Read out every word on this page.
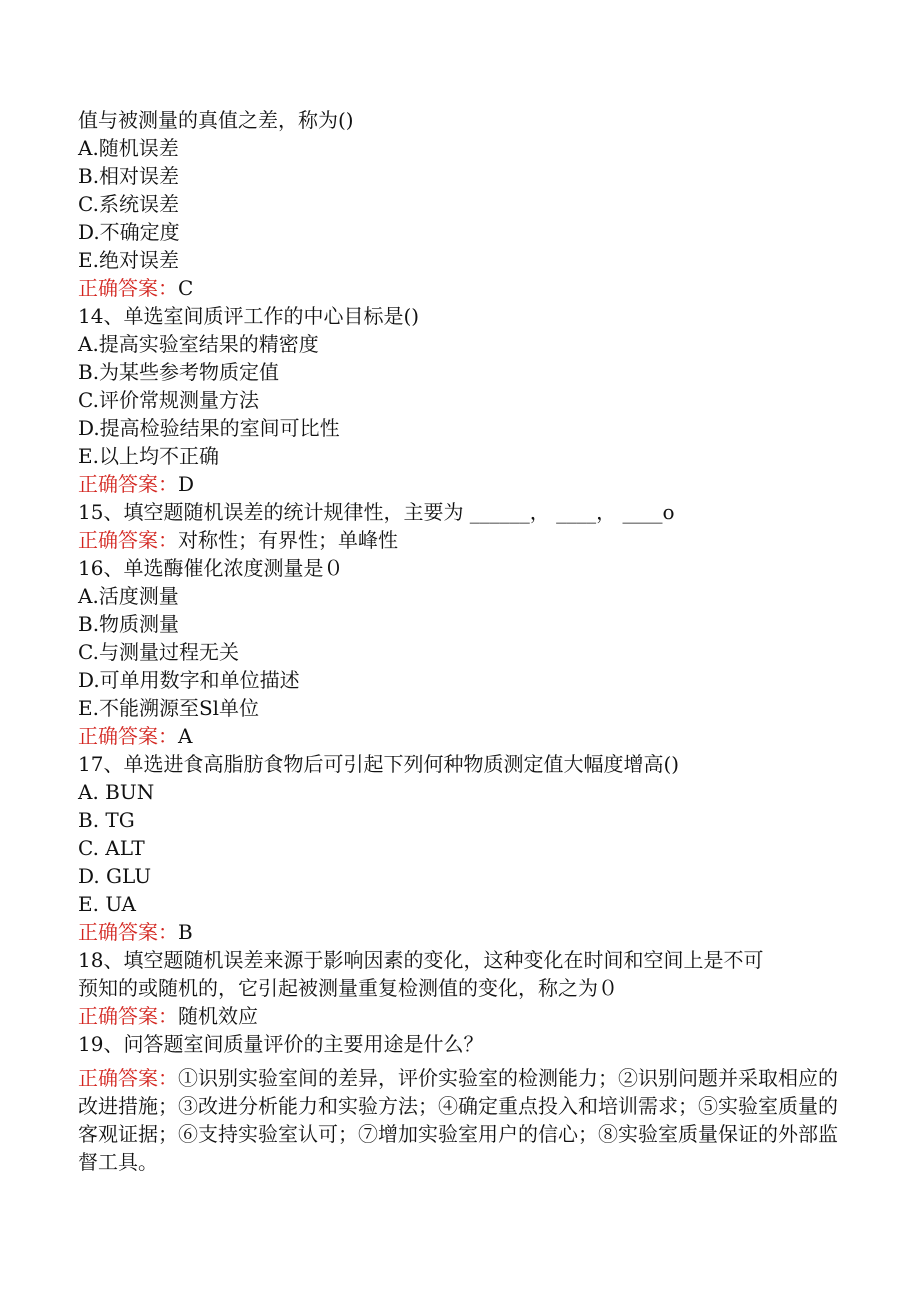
值与被测量的真值之差，称为()
A.随机误差
B.相对误差
C.系统误差
D.不确定度
E.绝对误差
正确答案：C
14、单选室间质评工作的中心目标是()
A.提高实验室结果的精密度
B.为某些参考物质定值
C.评价常规测量方法
D.提高检验结果的室间可比性
E.以上均不正确
正确答案：D
15、填空题随机误差的统计规律性，主要为 ______， ____， ____o
正确答案：对称性；有界性；单峰性
16、单选酶催化浓度测量是０
A.活度测量
B.物质测量
C.与测量过程无关
D.可单用数字和单位描述
E.不能溯源至Sl单位
正确答案：A
17、单选进食高脂肪食物后可引起下列何种物质测定值大幅度增高()
A. BUN
B. TG
C. ALT
D. GLU
E. UA
正确答案：B
18、填空题随机误差来源于影响因素的变化，这种变化在时间和空间上是不可
预知的或随机的，它引起被测量重复检测值的变化，称之为０
正确答案：随机效应
19、问答题室间质量评价的主要用途是什么？
正确答案：①识别实验室间的差异，评价实验室的检测能力；②识别问题并采取相应的改进措施；③改进分析能力和实验方法；④确定重点投入和培训需求；⑤实验室质量的客观证据；⑥支持实验室认可；⑦增加实验室用户的信心；⑧实验室质量保证的外部监督工具。
